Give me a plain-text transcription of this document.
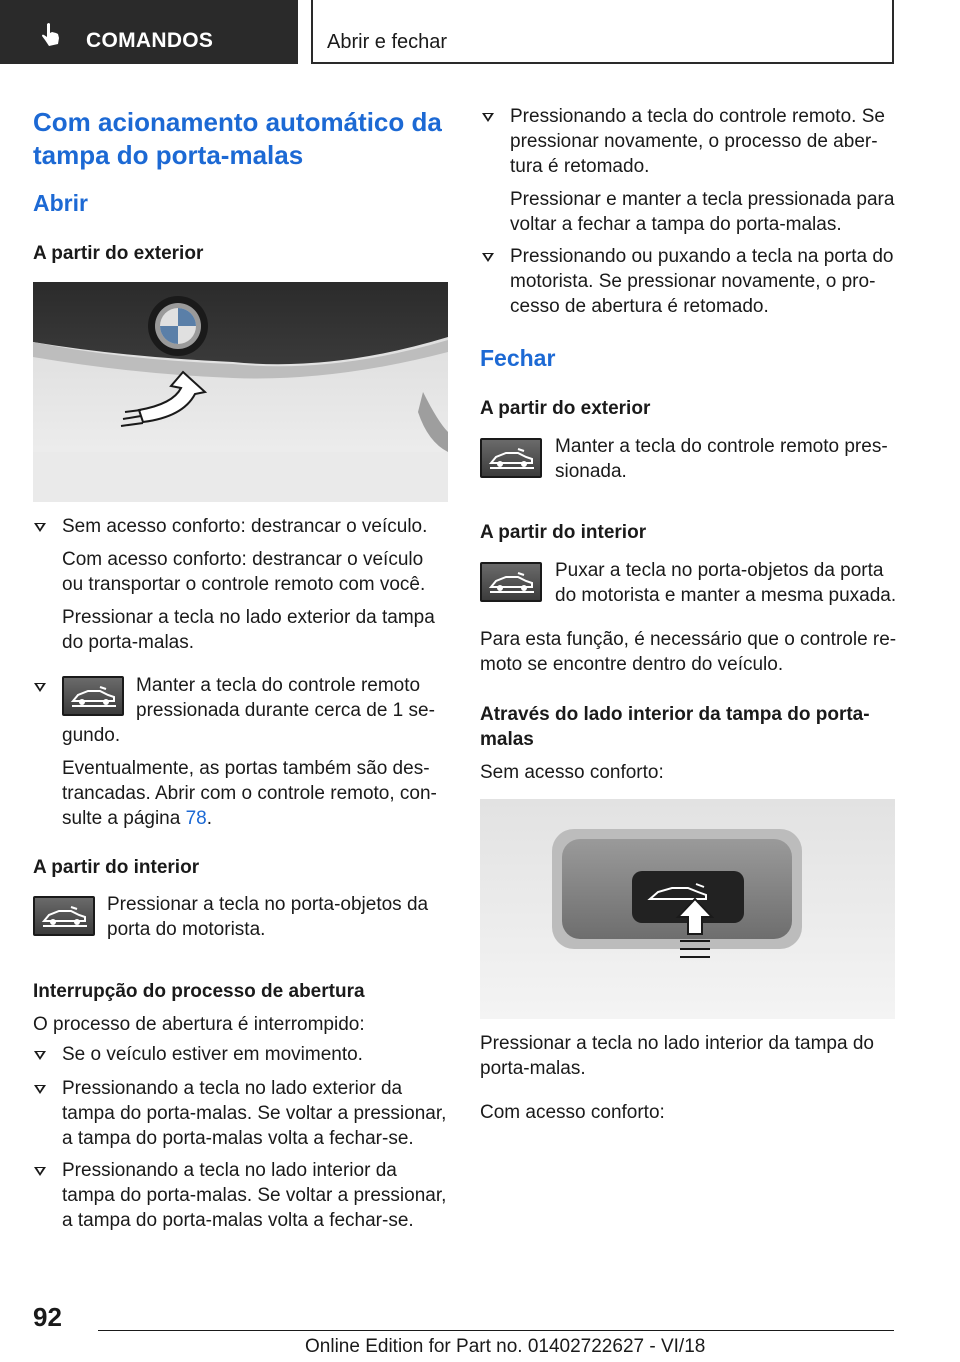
COMANDOS	Abrir e fechar
Com acionamento automático da
tampa do porta-malas
Abrir
A partir do exterior
Sem acesso conforto: destrancar o veículo.
Com acesso conforto: destrancar o veículo
ou transportar o controle remoto com você.
Pressionar a tecla no lado exterior da tampa
do porta-malas.
Manter a tecla do controle remoto
pressionada durante cerca de 1 se-
gundo.
Eventualmente, as portas também são des-
trancadas. Abrir com o controle remoto, con-
sulte a página 78.
A partir do interior
Pressionar a tecla no porta-objetos da
porta do motorista.
Interrupção do processo de abertura
O processo de abertura é interrompido:
Se o veículo estiver em movimento.
Pressionando a tecla no lado exterior da
tampa do porta-malas. Se voltar a pressionar,
a tampa do porta-malas volta a fechar-se.
Pressionando a tecla no lado interior da
tampa do porta-malas. Se voltar a pressionar,
a tampa do porta-malas volta a fechar-se.
Pressionando a tecla do controle remoto. Se
pressionar novamente, o processo de aber-
tura é retomado.
Pressionar e manter a tecla pressionada para
voltar a fechar a tampa do porta-malas.
Pressionando ou puxando a tecla na porta do
motorista. Se pressionar novamente, o pro-
cesso de abertura é retomado.
Fechar
A partir do exterior
Manter a tecla do controle remoto pres-
sionada.
A partir do interior
Puxar a tecla no porta-objetos da porta
do motorista e manter a mesma puxada.
Para esta função, é necessário que o controle re-
moto se encontre dentro do veículo.
Através do lado interior da tampa do porta-
malas
Sem acesso conforto:
Pressionar a tecla no lado interior da tampa do
porta-malas.
Com acesso conforto:
92
Online Edition for Part no. 01402722627 - VI/18
